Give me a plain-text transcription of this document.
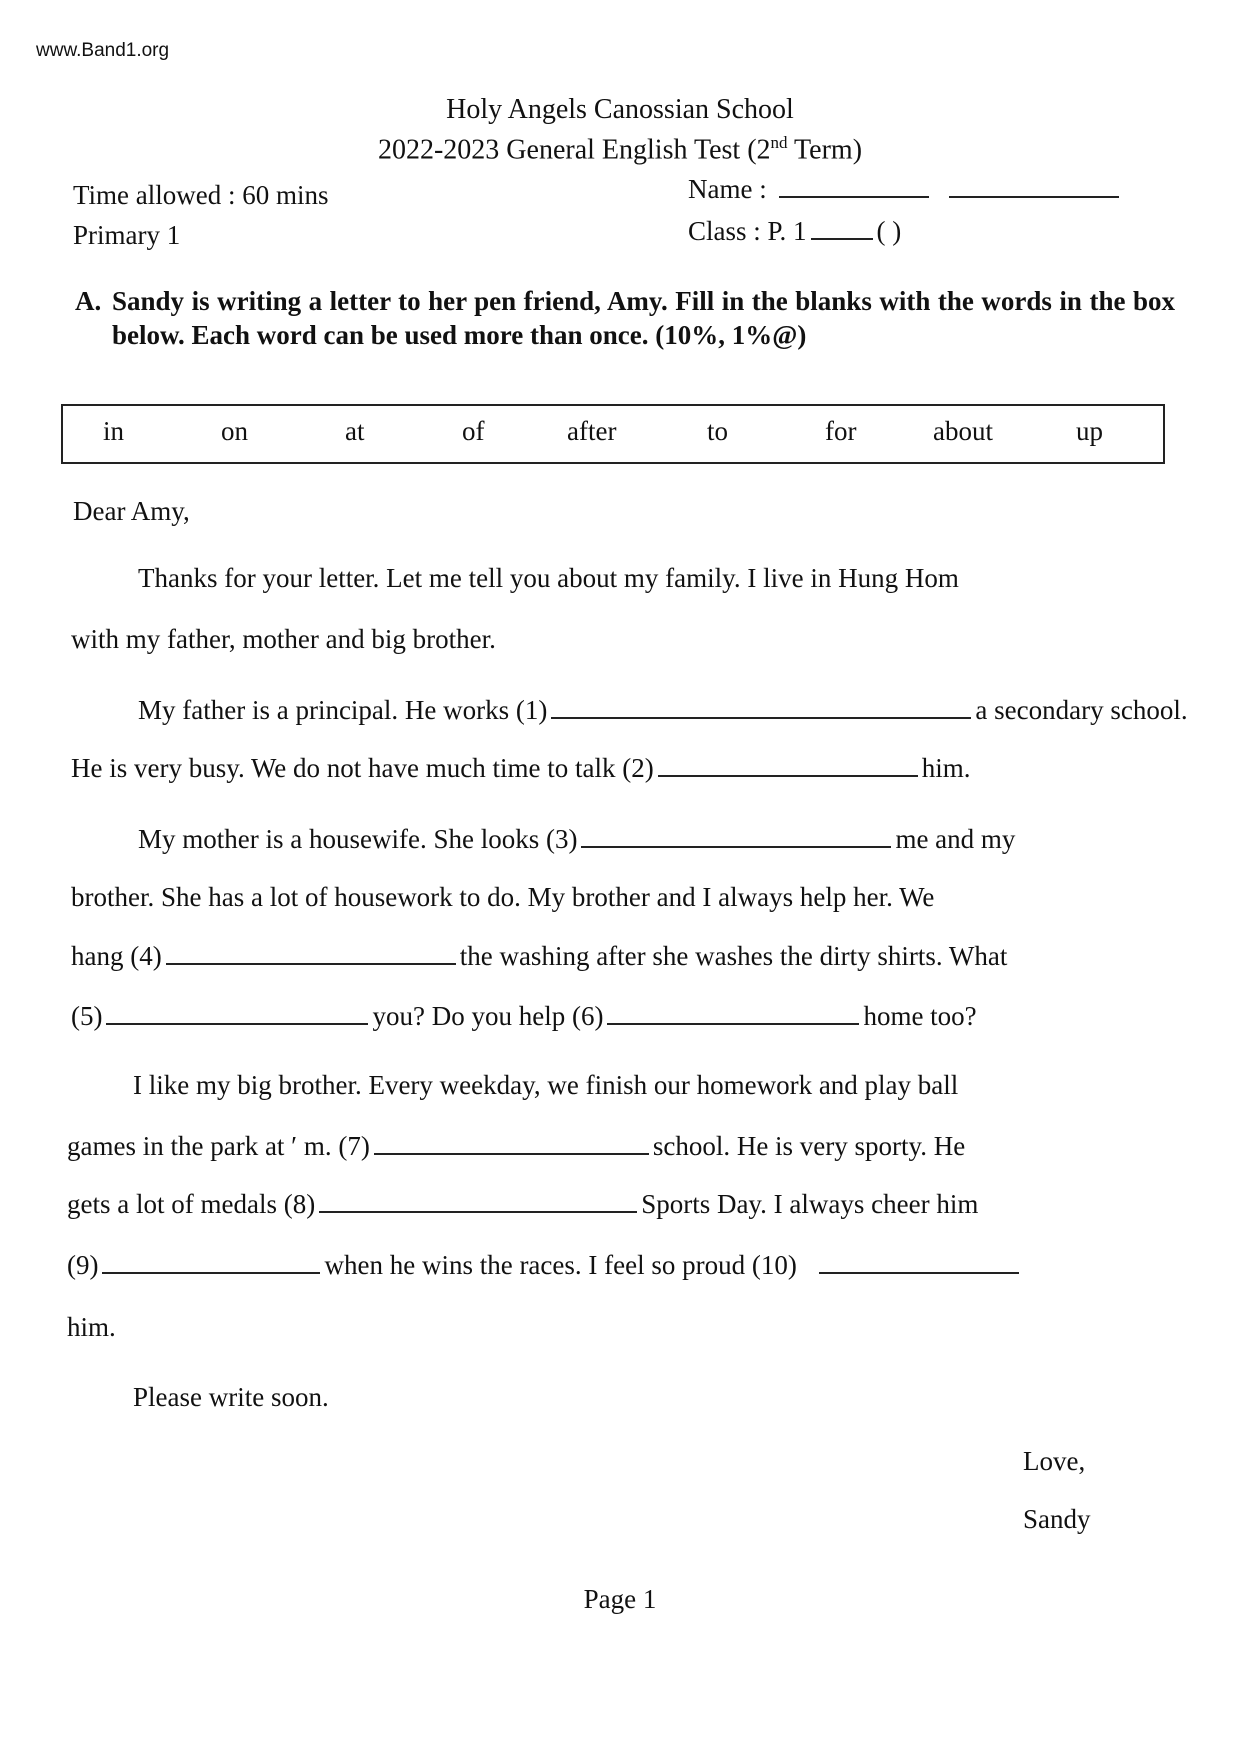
www.Band1.org
Holy Angels Canossian School
2022-2023 General English Test (2nd Term)
Time allowed : 60 mins
Primary 1
Name :
Class : P. 1	( )
A. Sandy is writing a letter to her pen friend, Amy. Fill in the blanks with the words in the box below. Each word can be used more than once. (10%, 1%@)
in	on	at	of	after	to	for	about	up
Dear Amy,
Thanks for your letter. Let me tell you about my family. I live in Hung Hom
with my father, mother and big brother.
My father is a principal. He works (1)	a secondary school.
He is very busy. We do not have much time to talk (2)	him.
My mother is a housewife. She looks (3)	me and my
brother. She has a lot of housework to do. My brother and I always help her. We
hang (4)	the washing after she washes the dirty shirts. What
(5)	you? Do you help (6)	home too?
I like my big brother. Every weekday, we finish our homework and play ball
games in the park at ′ m. (7)	school. He is very sporty. He
gets a lot of medals (8)	Sports Day. I always cheer him
(9)	when he wins the races. I feel so proud (10)
him.
Please write soon.
Love,
Sandy
Page 1
